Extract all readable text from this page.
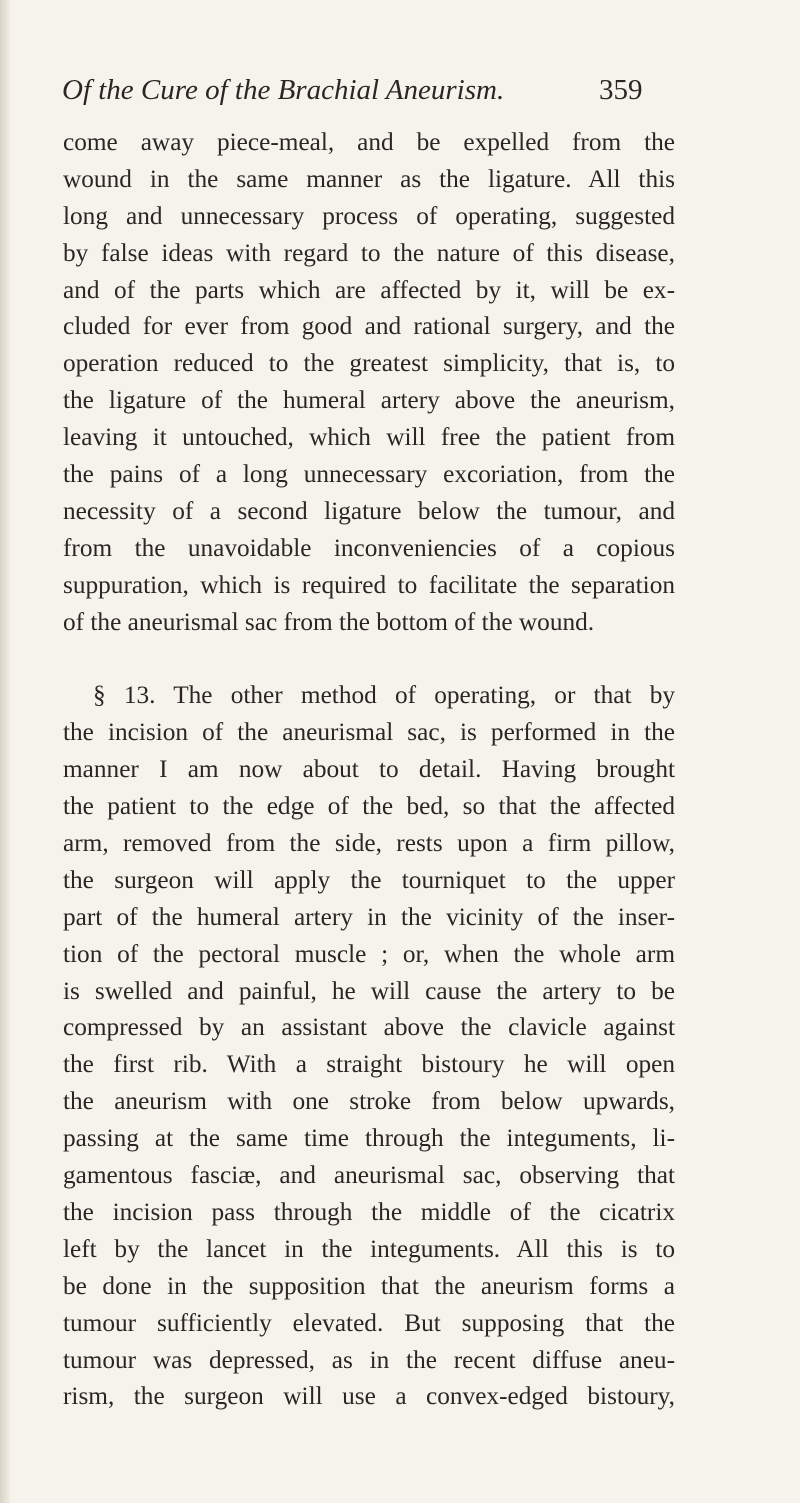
Of the Cure of the Brachial Aneurism.	359
come away piece-meal, and be expelled from the
wound in the same manner as the ligature. All this
long and unnecessary process of operating, suggested
by false ideas with regard to the nature of this disease,
and of the parts which are affected by it, will be ex-
cluded for ever from good and rational surgery, and the
operation reduced to the greatest simplicity, that is, to
the ligature of the humeral artery above the aneurism,
leaving it untouched, which will free the patient from
the pains of a long unnecessary excoriation, from the
necessity of a second ligature below the tumour, and
from the unavoidable inconveniencies of a copious
suppuration, which is required to facilitate the separation
of the aneurismal sac from the bottom of the wound.
§ 13. The other method of operating, or that by
the incision of the aneurismal sac, is performed in the
manner I am now about to detail. Having brought
the patient to the edge of the bed, so that the affected
arm, removed from the side, rests upon a firm pillow,
the surgeon will apply the tourniquet to the upper
part of the humeral artery in the vicinity of the inser-
tion of the pectoral muscle ; or, when the whole arm
is swelled and painful, he will cause the artery to be
compressed by an assistant above the clavicle against
the first rib. With a straight bistoury he will open
the aneurism with one stroke from below upwards,
passing at the same time through the integuments, li-
gamentous fasciæ, and aneurismal sac, observing that
the incision pass through the middle of the cicatrix
left by the lancet in the integuments. All this is to
be done in the supposition that the aneurism forms a
tumour sufficiently elevated. But supposing that the
tumour was depressed, as in the recent diffuse aneu-
rism, the surgeon will use a convex-edged bistoury,
